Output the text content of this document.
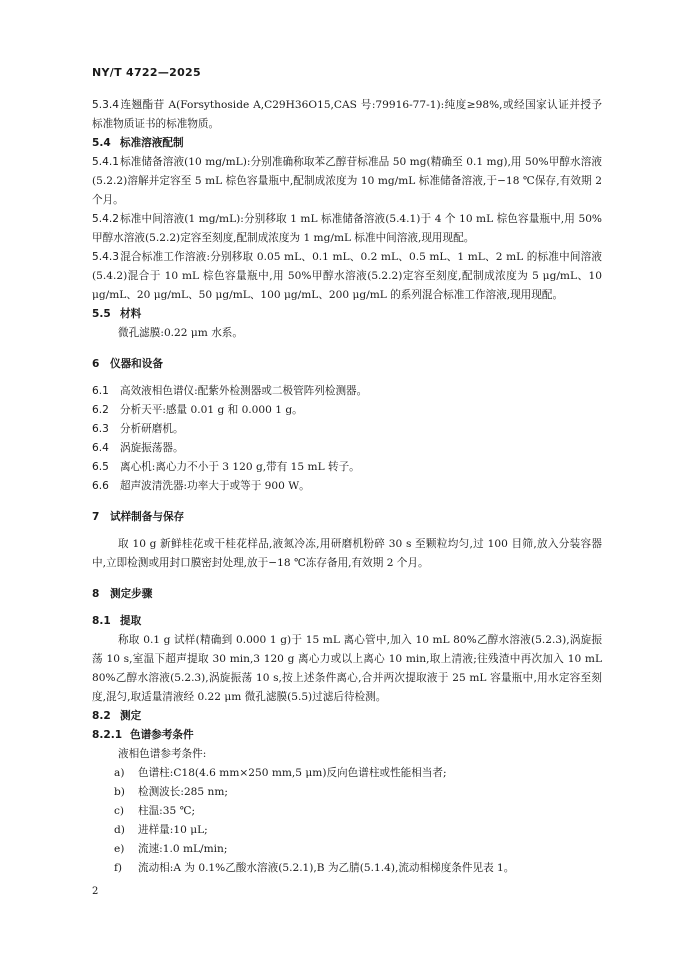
NY/T 4722—2025
5.3.4连翘酯苷 A(Forsythoside A,C29H36O15,CAS 号:79916-77-1):纯度≥98%,或经国家认证并授予标准物质证书的标准物质。
5.4 标准溶液配制
5.4.1标准储备溶液(10 mg/mL):分别准确称取苯乙醇苷标准品 50 mg(精确至 0.1 mg),用 50%甲醇水溶液(5.2.2)溶解并定容至 5 mL 棕色容量瓶中,配制成浓度为 10 mg/mL 标准储备溶液,于−18 ℃保存,有效期 2 个月。
5.4.2标准中间溶液(1 mg/mL):分别移取 1 mL 标准储备溶液(5.4.1)于 4 个 10 mL 棕色容量瓶中,用 50%甲醇水溶液(5.2.2)定容至刻度,配制成浓度为 1 mg/mL 标准中间溶液,现用现配。
5.4.3混合标准工作溶液:分别移取 0.05 mL、0.1 mL、0.2 mL、0.5 mL、1 mL、2 mL 的标准中间溶液(5.4.2)混合于 10 mL 棕色容量瓶中,用 50%甲醇水溶液(5.2.2)定容至刻度,配制成浓度为 5 μg/mL、10 μg/mL、20 μg/mL、50 μg/mL、100 μg/mL、200 μg/mL 的系列混合标准工作溶液,现用现配。
5.5 材料
微孔滤膜:0.22 μm 水系。
6 仪器和设备
6.1 高效液相色谱仪:配紫外检测器或二极管阵列检测器。
6.2 分析天平:感量 0.01 g 和 0.000 1 g。
6.3 分析研磨机。
6.4 涡旋振荡器。
6.5 离心机:离心力不小于 3 120 g,带有 15 mL 转子。
6.6 超声波清洗器:功率大于或等于 900 W。
7 试样制备与保存
取 10 g 新鲜桂花或干桂花样品,液氮冷冻,用研磨机粉碎 30 s 至颗粒均匀,过 100 目筛,放入分装容器中,立即检测或用封口膜密封处理,放于−18 ℃冻存备用,有效期 2 个月。
8 测定步骤
8.1 提取
称取 0.1 g 试样(精确到 0.000 1 g)于 15 mL 离心管中,加入 10 mL 80%乙醇水溶液(5.2.3),涡旋振荡 10 s,室温下超声提取 30 min,3 120 g 离心力或以上离心 10 min,取上清液;往残渣中再次加入 10 mL 80%乙醇水溶液(5.2.3),涡旋振荡 10 s,按上述条件离心,合并两次提取液于 25 mL 容量瓶中,用水定容至刻度,混匀,取适量清液经 0.22 μm 微孔滤膜(5.5)过滤后待检测。
8.2 测定
8.2.1 色谱参考条件
液相色谱参考条件:
a) 色谱柱:C18(4.6 mm×250 mm,5 μm)反向色谱柱或性能相当者;
b) 检测波长:285 nm;
c) 柱温:35 ℃;
d) 进样量:10 μL;
e) 流速:1.0 mL/min;
f) 流动相:A 为 0.1%乙酸水溶液(5.2.1),B 为乙腈(5.1.4),流动相梯度条件见表 1。
2
